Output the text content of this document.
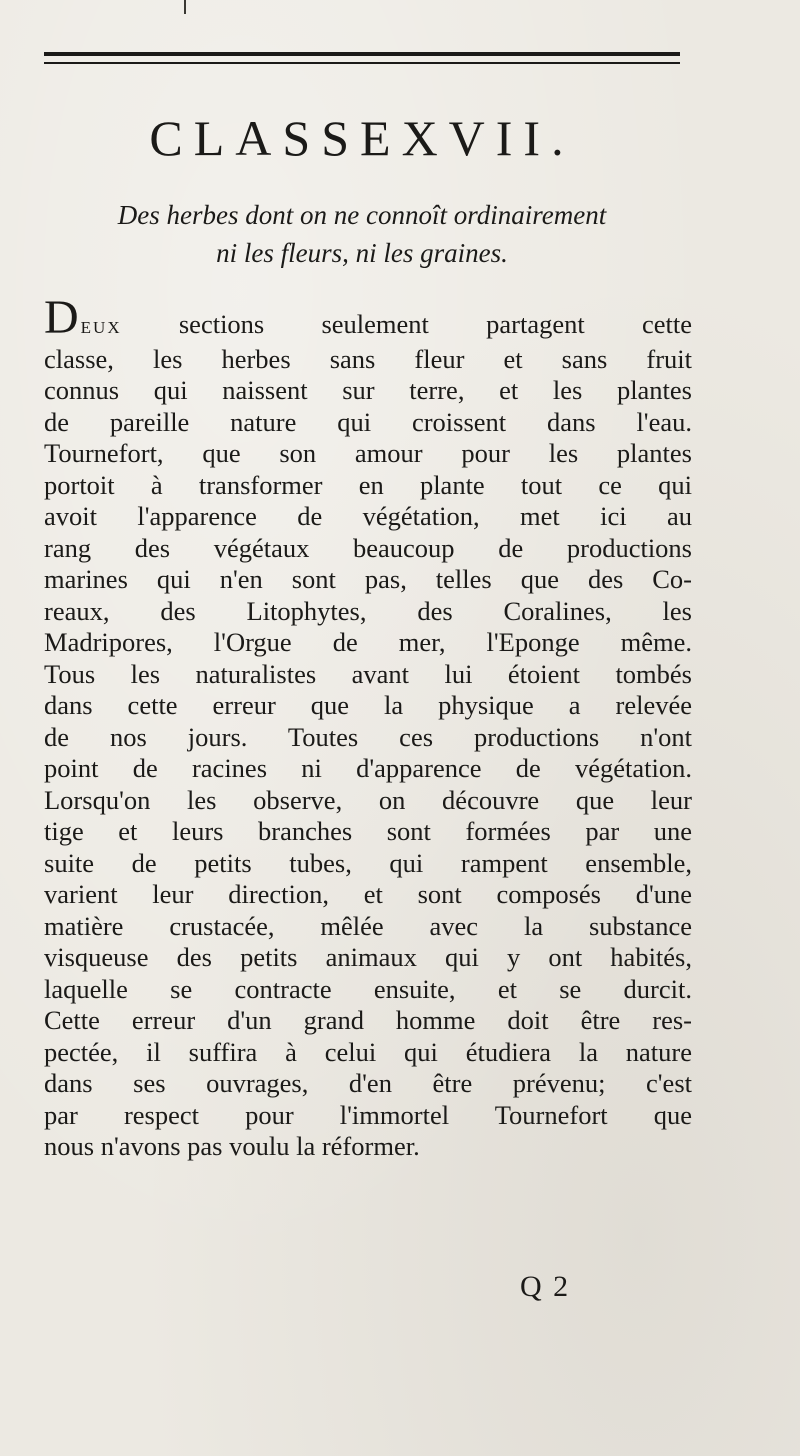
CLASSEXVII.
Des herbes dont on ne connoît ordinairement
ni les fleurs, ni les graines.
DEUX sections seulement partagent cette
classe, les herbes sans fleur et sans fruit
connus qui naissent sur terre, et les plantes
de pareille nature qui croissent dans l'eau.
Tournefort, que son amour pour les plantes
portoit à transformer en plante tout ce qui
avoit l'apparence de végétation, met ici au
rang des végétaux beaucoup de productions
marines qui n'en sont pas, telles que des Co-
reaux, des Litophytes, des Coralines, les
Madripores, l'Orgue de mer, l'Eponge même.
Tous les naturalistes avant lui étoient tombés
dans cette erreur que la physique a relevée
de nos jours. Toutes ces productions n'ont
point de racines ni d'apparence de végétation.
Lorsqu'on les observe, on découvre que leur
tige et leurs branches sont formées par une
suite de petits tubes, qui rampent ensemble,
varient leur direction, et sont composés d'une
matière crustacée, mêlée avec la substance
visqueuse des petits animaux qui y ont habités,
laquelle se contracte ensuite, et se durcit.
Cette erreur d'un grand homme doit être res-
pectée, il suffira à celui qui étudiera la nature
dans ses ouvrages, d'en être prévenu; c'est
par respect pour l'immortel Tournefort que
nous n'avons pas voulu la réformer.
Q 2
